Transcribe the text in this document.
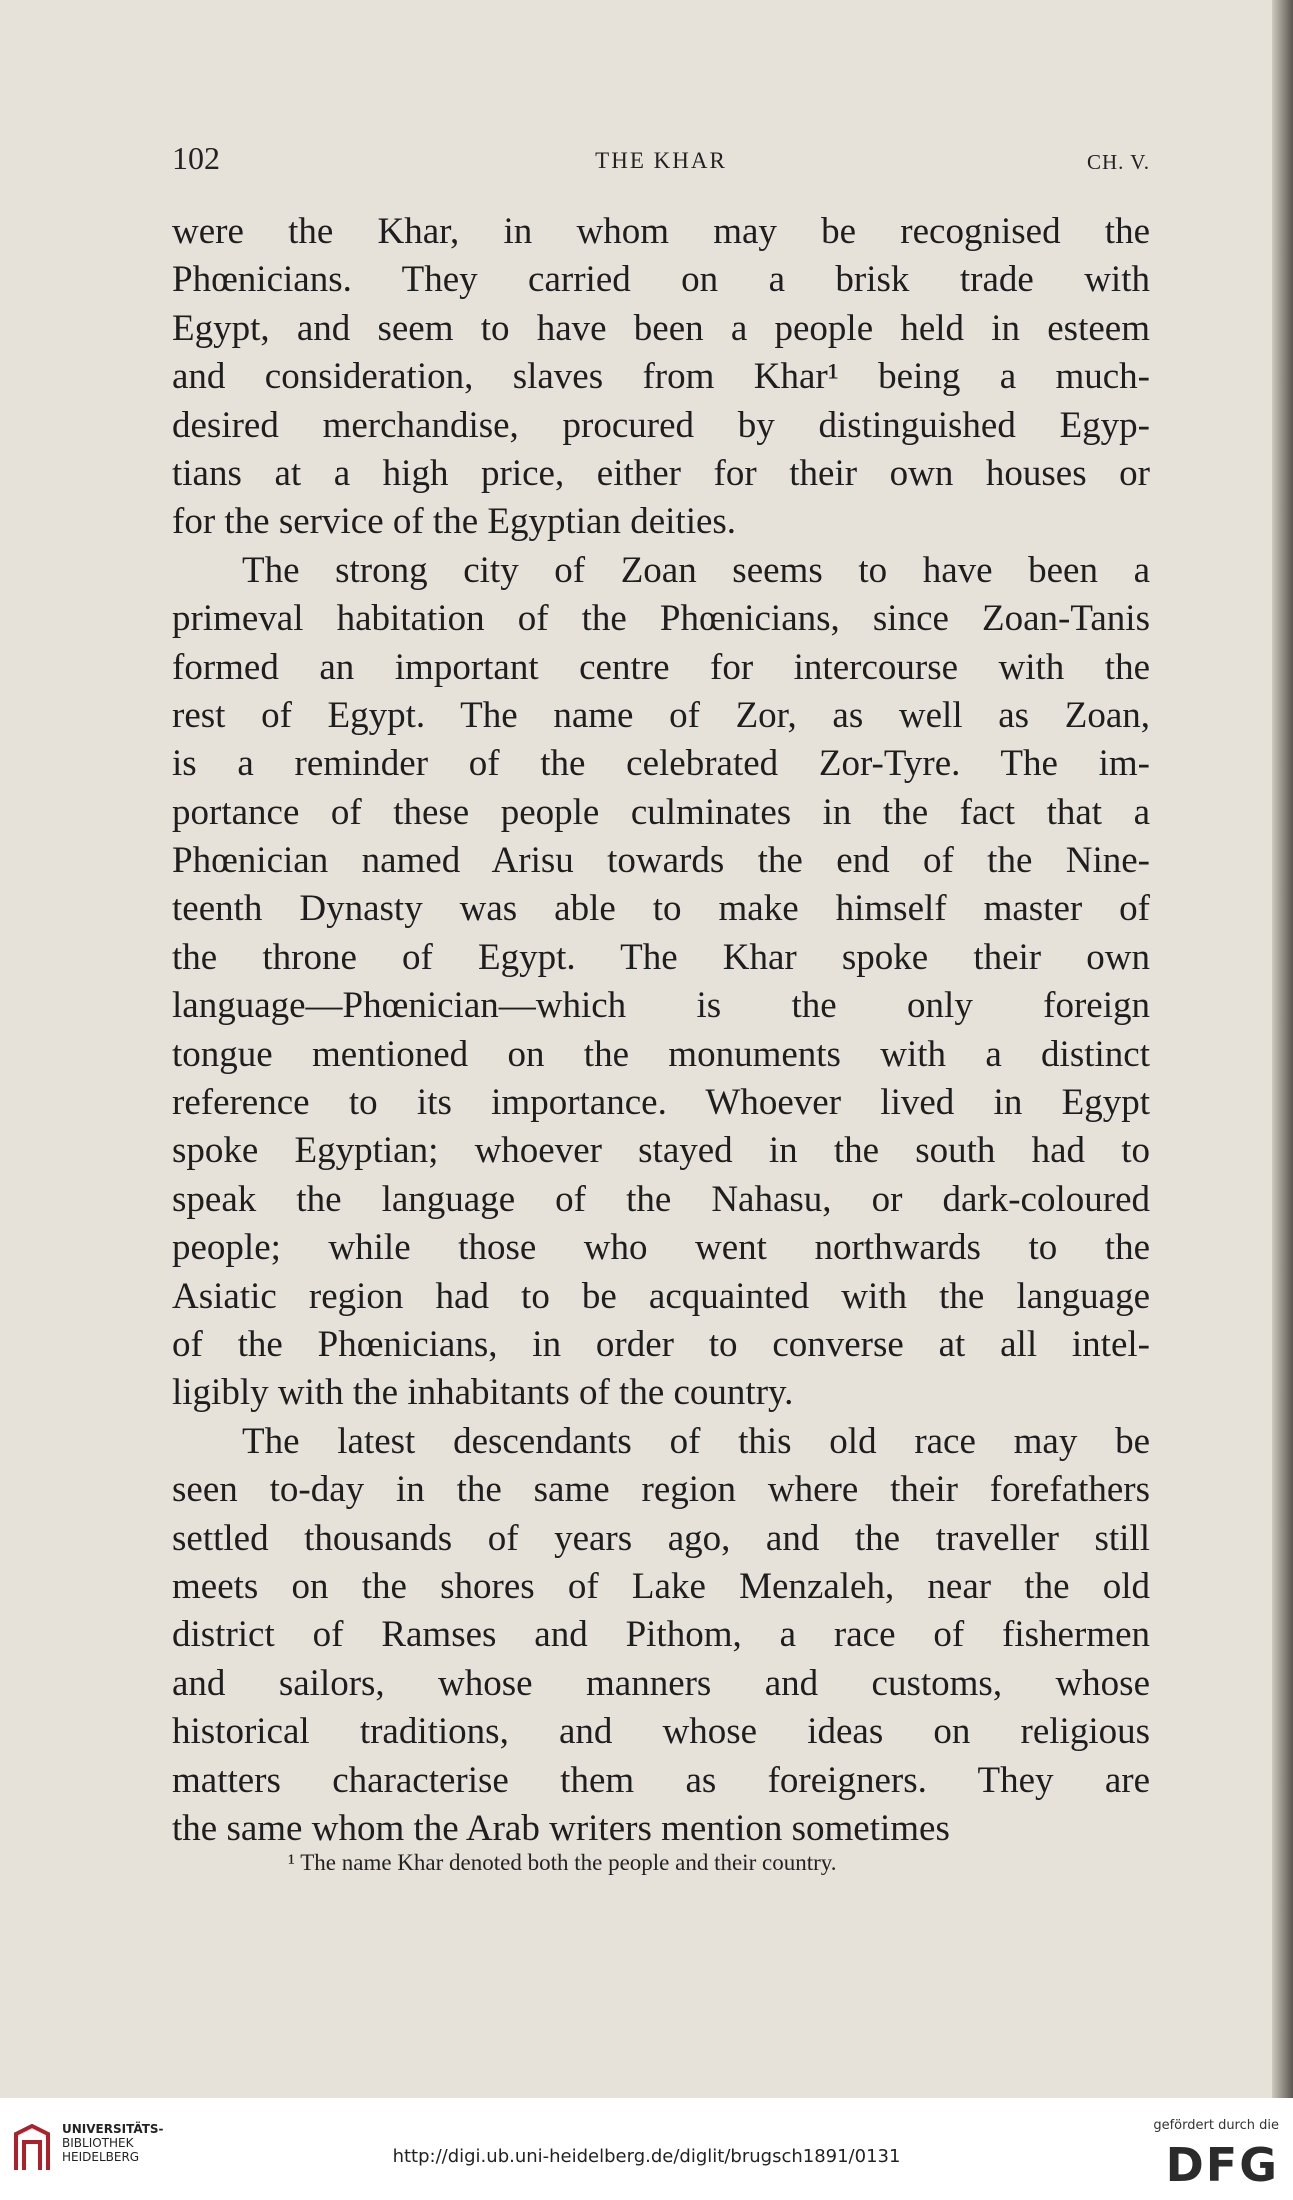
102	THE KHAR	CH. V.
were the Khar, in whom may be recognised the
Phœnicians. They carried on a brisk trade with
Egypt, and seem to have been a people held in esteem
and consideration, slaves from Khar¹ being a much-
desired merchandise, procured by distinguished Egyp-
tians at a high price, either for their own houses or
for the service of the Egyptian deities.
The strong city of Zoan seems to have been a
primeval habitation of the Phœnicians, since Zoan-Tanis
formed an important centre for intercourse with the
rest of Egypt. The name of Zor, as well as Zoan,
is a reminder of the celebrated Zor-Tyre. The im-
portance of these people culminates in the fact that a
Phœnician named Arisu towards the end of the Nine-
teenth Dynasty was able to make himself master of
the throne of Egypt. The Khar spoke their own
language—Phœnician—which is the only foreign
tongue mentioned on the monuments with a distinct
reference to its importance. Whoever lived in Egypt
spoke Egyptian; whoever stayed in the south had to
speak the language of the Nahasu, or dark-coloured
people; while those who went northwards to the
Asiatic region had to be acquainted with the language
of the Phœnicians, in order to converse at all intel-
ligibly with the inhabitants of the country.
The latest descendants of this old race may be
seen to-day in the same region where their forefathers
settled thousands of years ago, and the traveller still
meets on the shores of Lake Menzaleh, near the old
district of Ramses and Pithom, a race of fishermen
and sailors, whose manners and customs, whose
historical traditions, and whose ideas on religious
matters characterise them as foreigners. They are
the same whom the Arab writers mention sometimes
¹ The name Khar denoted both the people and their country.
UNIVERSITÄTS-
BIBLIOTHEK
HEIDELBERG	http://digi.ub.uni-heidelberg.de/diglit/brugsch1891/0131
gefördert durch die
DFG
